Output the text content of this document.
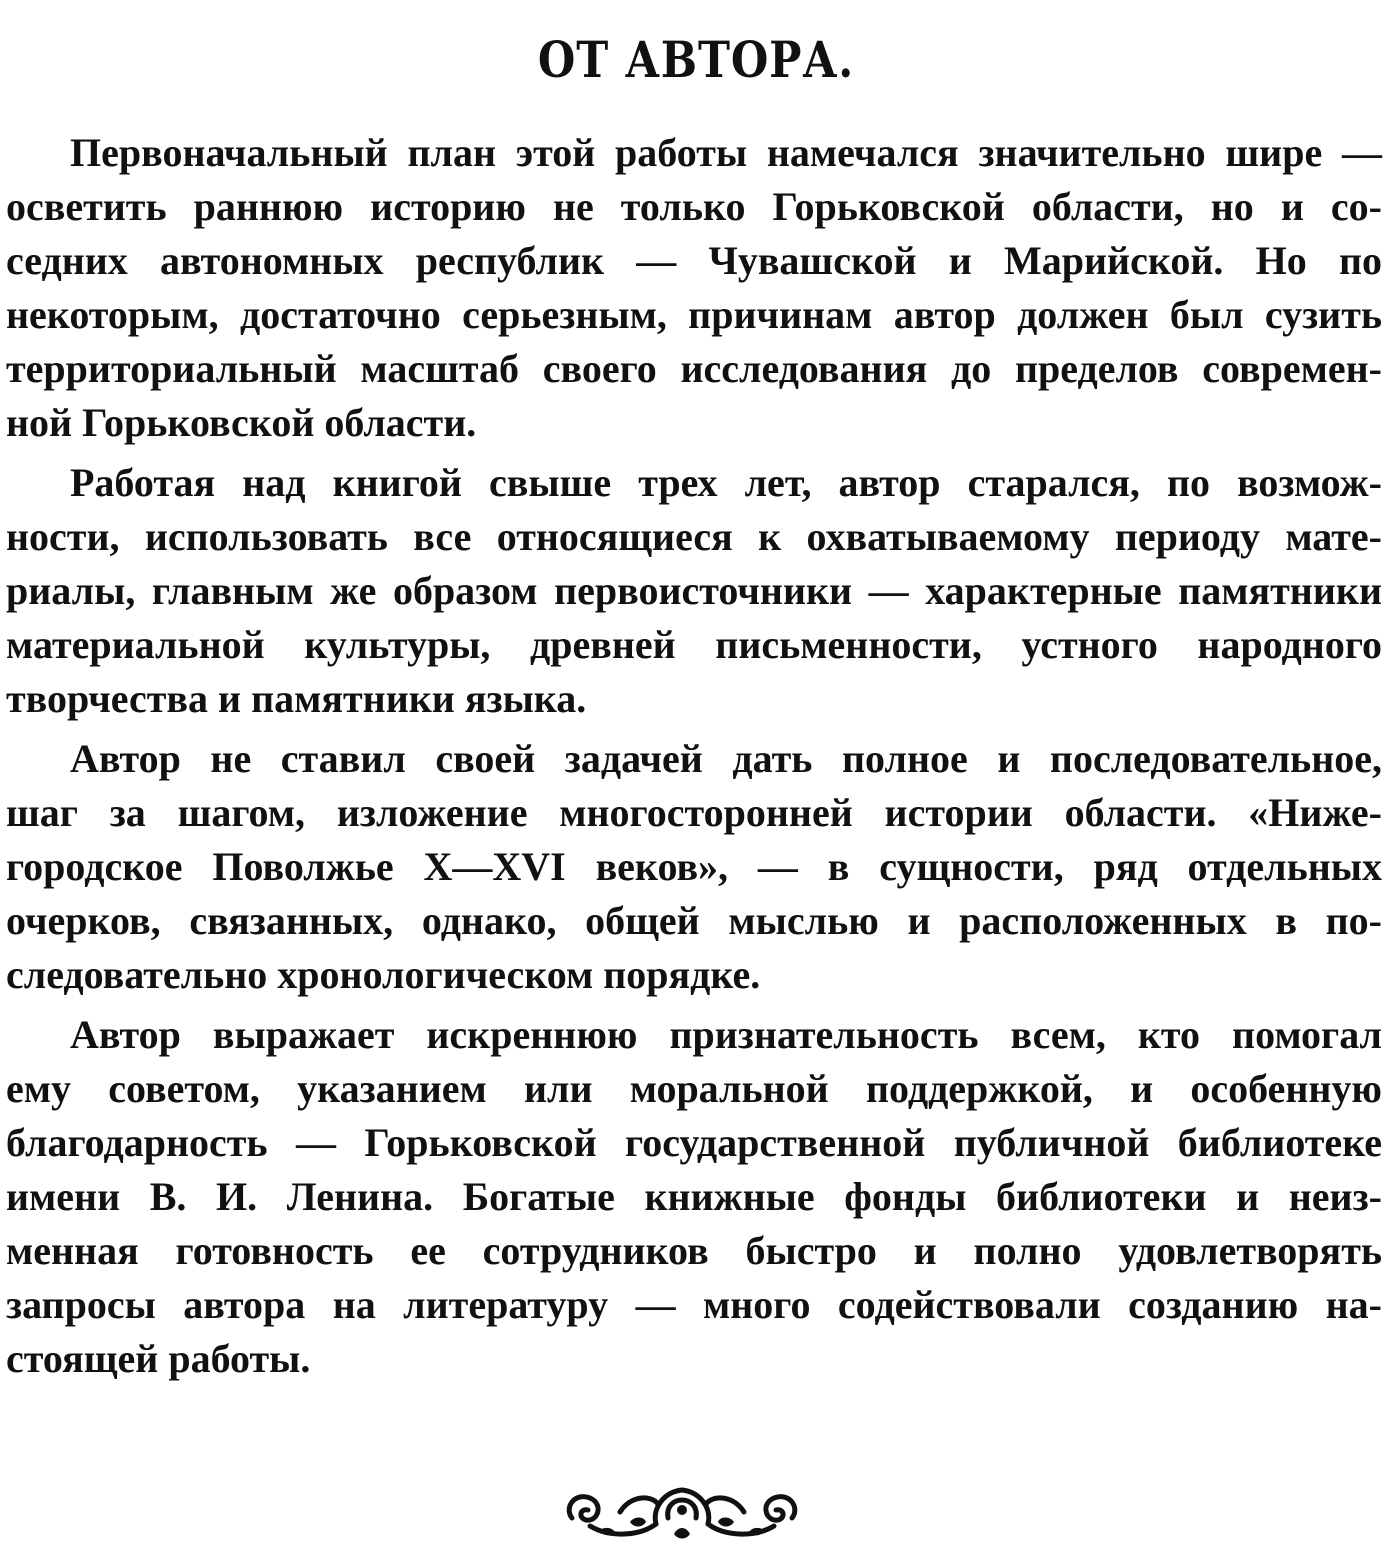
ОТ АВТОРА.
Первоначальный план этой работы намечался значительно шире —
осветить раннюю историю не только Горьковской области, но и со-
седних автономных республик — Чувашской и Марийской. Но по
некоторым, достаточно серьезным, причинам автор должен был сузить
территориальный масштаб своего исследования до пределов современ-
ной Горьковской области.
Работая над книгой свыше трех лет, автор старался, по возмож-
ности, использовать все относящиеся к охватываемому периоду мате-
риалы, главным же образом первоисточники — характерные памятники
материальной культуры, древней письменности, устного народного
творчества и памятники языка.
Автор не ставил своей задачей дать полное и последовательное,
шаг за шагом, изложение многосторонней истории области. «Ниже-
городское Поволжье X—XVI веков», — в сущности, ряд отдельных
очерков, связанных, однако, общей мыслью и расположенных в по-
следовательно хронологическом порядке.
Автор выражает искреннюю признательность всем, кто помогал
ему советом, указанием или моральной поддержкой, и особенную
благодарность — Горьковской государственной публичной библиотеке
имени В. И. Ленина. Богатые книжные фонды библиотеки и неиз-
менная готовность ее сотрудников быстро и полно удовлетворять
запросы автора на литературу — много содействовали созданию на-
стоящей работы.
